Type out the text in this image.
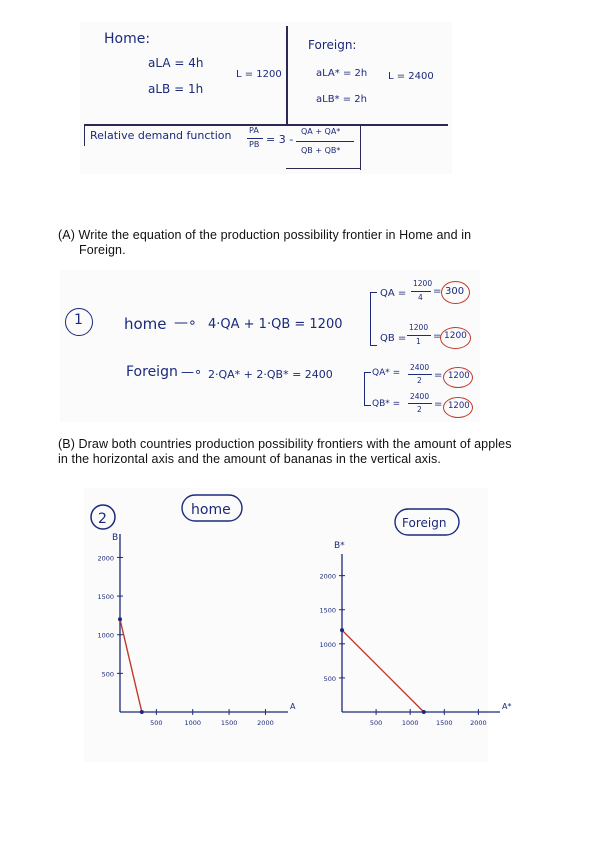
Home:
aLA = 4h
aLB = 1h
L = 1200
Foreign:
aLA* = 2h
aLB* = 2h
L = 2400
Relative demand function PA
PB = 3 -
QA + QA*
QB + QB*
(A) Write the equation of the production possibility frontier in Home and in
Foreign.
1	home —∘ 4·QA + 1·QB = 1200
QA =
1200
4
= 300
QB =
1200
1 = 1200
Foreign —∘ 2·QA* + 2·QB* = 2400	QA* =
2400
2 = 1200
QB* =
2400
2 = 1200
(B) Draw both countries production possibility frontiers with the amount of apples
in the horizontal axis and the amount of bananas in the vertical axis.
2
home
Foreign
B
A
500
1000
1500
2000
500	1000	1500	2000
B*
A*
500
1000
1500
2000
500	1000	1500	2000
